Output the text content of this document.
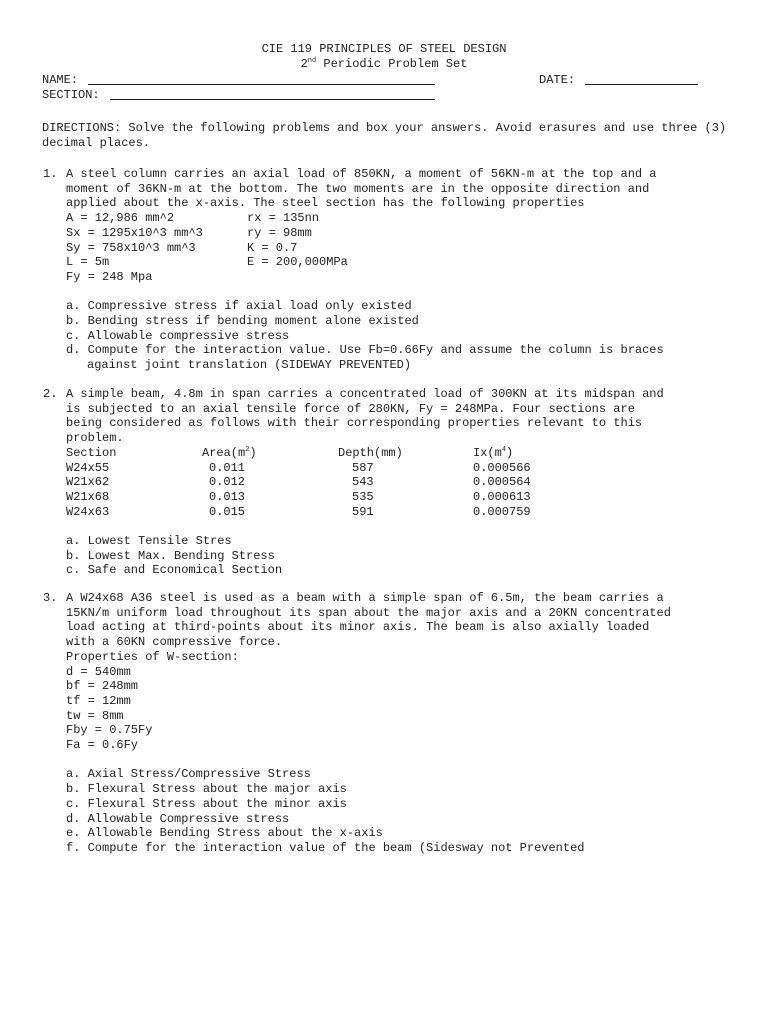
CIE 119 PRINCIPLES OF STEEL DESIGN
2nd Periodic Problem Set
NAME:	DATE:
SECTION:
DIRECTIONS: Solve the following problems and box your answers. Avoid erasures and use three (3) decimal places.
1. A steel column carries an axial load of 850KN, a moment of 56KN-m at the top and a
moment of 36KN-m at the bottom. The two moments are in the opposite direction and
applied about the x-axis. The steel section has the following properties
A = 12,986 mm^2	rx = 135nn
Sx = 1295x10^3 mm^3	ry = 98mm
Sy = 758x10^3 mm^3	K = 0.7
L = 5m	E = 200,000MPa
Fy = 248 Mpa
a. Compressive stress if axial load only existed
b. Bending stress if bending moment alone existed
c. Allowable compressive stress
d. Compute for the interaction value. Use Fb=0.66Fy and assume the column is braces
against joint translation (SIDEWAY PREVENTED)
2. A simple beam, 4.8m in span carries a concentrated load of 300KN at its midspan and
is subjected to an axial tensile force of 280KN, Fy = 248MPa. Four sections are
being considered as follows with their corresponding properties relevant to this
problem.
Section	$Area(m^2)$	Depth(mm)	$Ix(m^4)$
W24x55	0.011	587	0.000566
W21x62	0.012	543	0.000564
W21x68	0.013	535	0.000613
W24x63	0.015	591	0.000759
a. Lowest Tensile Stres
b. Lowest Max. Bending Stress
c. Safe and Economical Section
3. A W24x68 A36 steel is used as a beam with a simple span of 6.5m, the beam carries a
15KN/m uniform load throughout its span about the major axis and a 20KN concentrated
load acting at third-points about its minor axis. The beam is also axially loaded
with a 60KN compressive force.
Properties of W-section:
d = 540mm
bf = 248mm
tf = 12mm
tw = 8mm
Fby = 0.75Fy
Fa = 0.6Fy
a. Axial Stress/Compressive Stress
b. Flexural Stress about the major axis
c. Flexural Stress about the minor axis
d. Allowable Compressive stress
e. Allowable Bending Stress about the x-axis
f. Compute for the interaction value of the beam (Sidesway not Prevented
